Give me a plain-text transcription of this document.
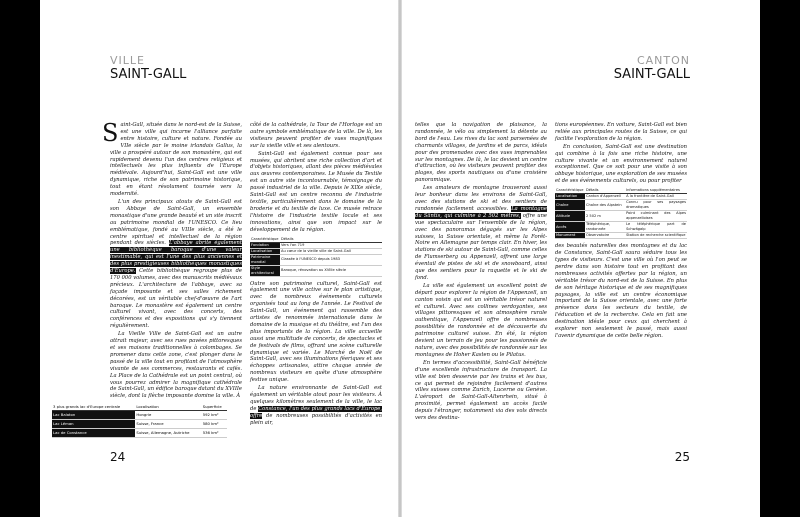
VILLE
SAINT-GALL

Saint-Gall, située dans le nord-est de la Suisse, est une ville qui incarne l'alliance parfaite entre histoire, culture et nature. Fondée au VIIe siècle par le moine irlandais Gallus, la ville a prospéré autour de son monastère, qui est rapidement devenu l'un des centres religieux et intellectuels les plus influents de l'Europe médiévale. Aujourd'hui, Saint-Gall est une ville dynamique, riche de son patrimoine historique, tout en étant résolument tournée vers la modernité.

L'un des principaux atouts de Saint-Gall est son Abbaye de Saint-Gall, un ensemble monastique d'une grande beauté et un site inscrit au patrimoine mondial de l'UNESCO. Ce lieu emblématique, fondé au VIIIe siècle, a été le centre spirituel et intellectuel de la région pendant des siècles. L'abbaye abrite également une bibliothèque baroque d'une valeur inestimable, qui est l'une des plus anciennes et des plus prestigieuses bibliothèques monastiques d'Europe. Cette bibliothèque regroupe plus de 170 000 volumes, avec des manuscrits médiévaux précieux. L'architecture de l'abbaye, avec sa façade imposante et ses salles richement décorées, est un véritable chef-d'œuvre de l'art baroque. Le monastère est également un centre culturel vivant, avec des concerts, des conférences et des expositions qui s'y tiennent régulièrement.

La Vieille Ville de Saint-Gall est un autre attrait majeur, avec ses rues pavées pittoresques et ses maisons traditionnelles à colombages. Se promener dans cette zone, c'est plonger dans le passé de la ville tout en profitant de l'atmosphère vivante de ses commerces, restaurants et cafés. La Place de la Cathédrale est un point central, où vous pourrez admirer la magnifique cathédrale de Saint-Gall, un édifice baroque datant du XVIIIe siècle, dont la flèche imposante domine la ville. À

côté de la cathédrale, la Tour de l'Horloge est un autre symbole emblématique de la ville. De là, les visiteurs peuvent profiter de vues magnifiques sur la vieille ville et ses alentours.

Saint-Gall est également connue pour ses musées, qui abritent une riche collection d'art et d'objets historiques, allant des pièces médiévales aux œuvres contemporaines. Le Musée du Textile est un autre site incontournable, témoignage du passé industriel de la ville. Depuis le XIXe siècle, Saint-Gall est un centre reconnu de l'industrie textile, particulièrement dans le domaine de la broderie et du textile de luxe. Ce musée retrace l'histoire de l'industrie textile locale et ses innovations, ainsi que son impact sur le développement de la région.

Caractéristique	Détails
Fondation	Vers l'an 719
Localisation	Au cœur de la vieille ville de Saint-Gall
Patrimoine mondial	Classée à l'UNESCO depuis 1983
Style architectural	Baroque, rénovation au XVIIIe siècle

Outre son patrimoine culturel, Saint-Gall est également une ville active sur le plan artistique, avec de nombreux événements culturels organisés tout au long de l'année. Le Festival de Saint-Gall, un événement qui rassemble des artistes de renommée internationale dans le domaine de la musique et du théâtre, est l'un des plus importants de la région. La ville accueille aussi une multitude de concerts, de spectacles et de festivals de films, offrant une scène culturelle dynamique et variée. Le Marché de Noël de Saint-Gall, avec ses illuminations féeriques et ses échoppes artisanales, attire chaque année de nombreux visiteurs en quête d'une atmosphère festive unique.

La nature environnante de Saint-Gall est également un véritable atout pour les visiteurs. À quelques kilomètres seulement de la ville, le lac de Constance, l'un des plus grands lacs d'Europe, offre de nombreuses possibilités d'activités en plein air,

3 plus grands lac d'Europe centrale	Localisation	Superficie
Lac Balaton	Hongrie	592 km²
Lac Léman	Suisse, France	580 km²
Lac de Constance	Suisse, Allemagne, Autriche	536 km²
24
CANTON
SAINT-GALL

telles que la navigation de plaisance, la randonnée, le vélo ou simplement la détente au bord de l'eau. Les rives du lac sont parsemées de charmants villages, de jardins et de parcs, idéals pour des promenades avec des vues imprenables sur les montagnes. De là, le lac devient un centre d'attraction, où les visiteurs peuvent profiter des plages, des sports nautiques ou d'une croisière panoramique.

Les amateurs de montagne trouveront aussi leur bonheur dans les environs de Saint-Gall, avec des stations de ski et des sentiers de randonnée facilement accessibles. La montagne du Säntis, qui culmine à 2 502 mètres, offre une vue spectaculaire sur l'ensemble de la région, avec des panoramas dégagés sur les Alpes suisses, la Suisse orientale, et même la Forêt-Noire en Allemagne par temps clair. En hiver, les stations de ski autour de Saint-Gall, comme celles de Flumserberg ou Appenzell, offrent une large éventail de pistes de ski et de snowboard, ainsi que des sentiers pour la raquette et le ski de fond.

La ville est également un excellent point de départ pour explorer la région de l'Appenzell, un canton voisin qui est un véritable trésor naturel et culturel. Avec ses collines verdoyantes, ses villages pittoresques et son atmosphère rurale authentique, l'Appenzell offre de nombreuses possibilités de randonnée et de découverte du patrimoine culturel suisse. En été, la région devient un terrain de jeu pour les passionnés de nature, avec des possibilités de randonnée sur les montagnes de Hoher Kasten ou le Pilatus.

En termes d'accessibilité, Saint-Gall bénéficie d'une excellente infrastructure de transport. La ville est bien desservie par les trains et les bus, ce qui permet de rejoindre facilement d'autres villes suisses comme Zurich, Lucerne ou Genève. L'aéroport de Saint-Gall-Altenrhein, situé à proximité, permet également un accès facile depuis l'étranger, notamment via des vols directs vers des destina-

tions européennes. En voiture, Saint-Gall est bien reliée aux principales routes de la Suisse, ce qui facilite l'exploration de la région.

En conclusion, Saint-Gall est une destination qui combine à la fois une riche histoire, une culture vivante et un environnement naturel exceptionnel. Que ce soit pour une visite à son abbaye historique, une exploration de ses musées et de ses événements culturels, ou pour profiter

Caractéristique	Détails	Informations supplémentaires
Localisation	Canton d'Appenzell	À la frontière de Saint-Gall
Chaîne	Chaîne des Alpstein	Connu pour ses paysages dramatiques
Altitude	2 502 m	Point culminant des Alpes appenzelloises
Accès	Téléphérique, randonnée	Le téléphérique part de Schwägalp
Monument	Observatoire	Station de recherche scientifique

des beautés naturelles des montagnes et du lac de Constance, Saint-Gall saura séduire tous les types de visiteurs. C'est une ville où l'on peut se perdre dans son histoire tout en profitant des nombreuses activités offertes par la région, un véritable trésor du nord-est de la Suisse. En plus de son héritage historique et de ses magnifiques paysages, la ville est un centre économique important de la Suisse orientale, avec une forte présence dans les secteurs du textile, de l'éducation et de la recherche. Cela en fait une destination idéale pour ceux qui cherchent à explorer non seulement le passé, mais aussi l'avenir dynamique de cette belle région.

25
